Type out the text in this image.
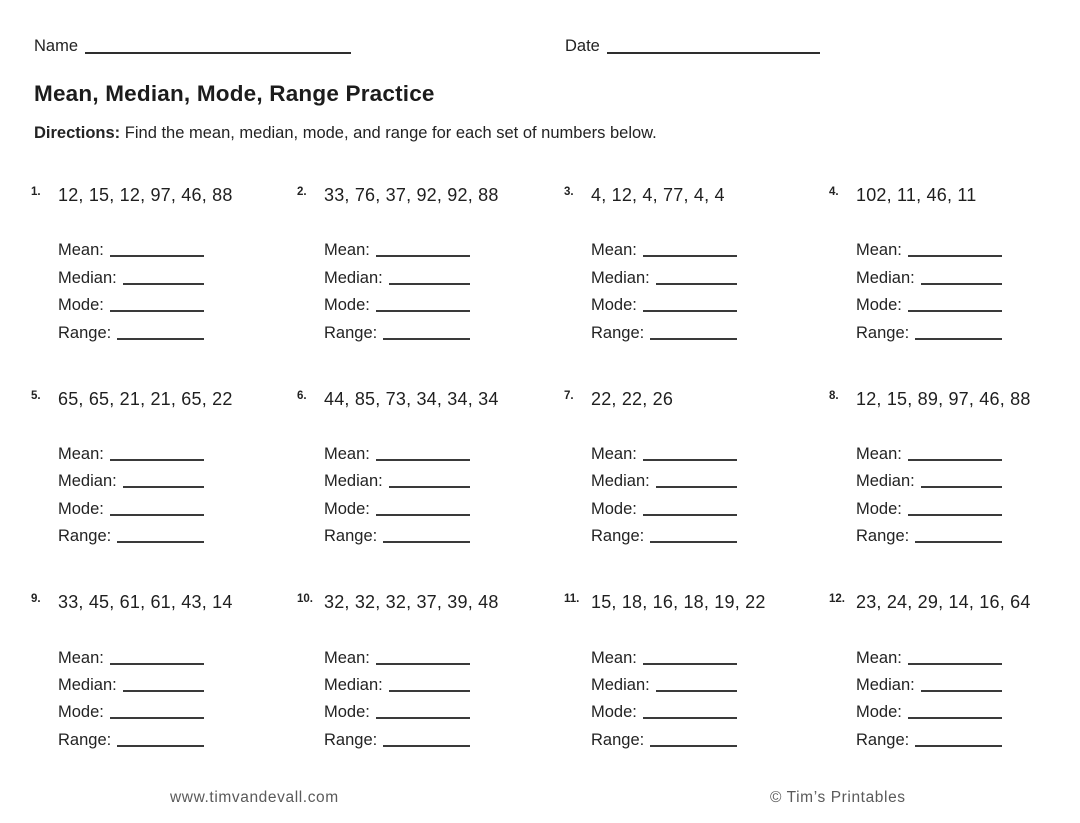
Name	Date
Mean, Median, Mode, Range Practice
Directions: Find the mean, median, mode, and range for each set of numbers below.
1. 12, 15, 12, 97, 46, 88
Mean:
Median:
Mode:
Range:
2. 33, 76, 37, 92, 92, 88
Mean:
Median:
Mode:
Range:
3. 4, 12, 4, 77, 4, 4
Mean:
Median:
Mode:
Range:
4. 102, 11, 46, 11
Mean:
Median:
Mode:
Range:
5. 65, 65, 21, 21, 65, 22
Mean:
Median:
Mode:
Range:
6. 44, 85, 73, 34, 34, 34
Mean:
Median:
Mode:
Range:
7. 22, 22, 26
Mean:
Median:
Mode:
Range:
8. 12, 15, 89, 97, 46, 88
Mean:
Median:
Mode:
Range:
9. 33, 45, 61, 61, 43, 14
Mean:
Median:
Mode:
Range:
10. 32, 32, 32, 37, 39, 48
Mean:
Median:
Mode:
Range:
11. 15, 18, 16, 18, 19, 22
Mean:
Median:
Mode:
Range:
12. 23, 24, 29, 14, 16, 64
Mean:
Median:
Mode:
Range:
www.timvandevall.com	© Tim’s Printables
